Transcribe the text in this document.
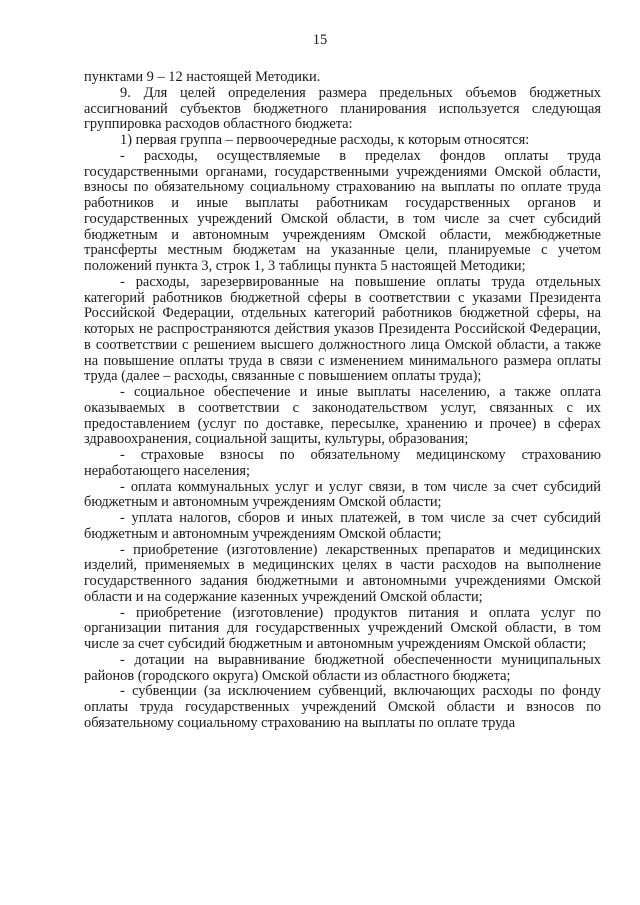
15

пунктами 9 – 12 настоящей Методики.

9. Для целей определения размера предельных объемов бюджетных ассигнований субъектов бюджетного планирования используется следующая группировка расходов областного бюджета:

1) первая группа – первоочередные расходы, к которым относятся:

- расходы, осуществляемые в пределах фондов оплаты труда государственными органами, государственными учреждениями Омской области, взносы по обязательному социальному страхованию на выплаты по оплате труда работников и иные выплаты работникам государственных органов и государственных учреждений Омской области, в том числе за счет субсидий бюджетным и автономным учреждениям Омской области, межбюджетные трансферты местным бюджетам на указанные цели, планируемые с учетом положений пункта 3, строк 1, 3 таблицы пункта 5 настоящей Методики;

- расходы, зарезервированные на повышение оплаты труда отдельных категорий работников бюджетной сферы в соответствии с указами Президента Российской Федерации, отдельных категорий работников бюджетной сферы, на которых не распространяются действия указов Президента Российской Федерации, в соответствии с решением высшего должностного лица Омской области, а также на повышение оплаты труда в связи с изменением минимального размера оплаты труда (далее – расходы, связанные с повышением оплаты труда);

- социальное обеспечение и иные выплаты населению, а также оплата оказываемых в соответствии с законодательством услуг, связанных с их предоставлением (услуг по доставке, пересылке, хранению и прочее) в сферах здравоохранения, социальной защиты, культуры, образования;

- страховые взносы по обязательному медицинскому страхованию неработающего населения;

- оплата коммунальных услуг и услуг связи, в том числе за счет субсидий бюджетным и автономным учреждениям Омской области;

- уплата налогов, сборов и иных платежей, в том числе за счет субсидий бюджетным и автономным учреждениям Омской области;

- приобретение (изготовление) лекарственных препаратов и медицинских изделий, применяемых в медицинских целях в части расходов на выполнение государственного задания бюджетными и автономными учреждениями Омской области и на содержание казенных учреждений Омской области;

- приобретение (изготовление) продуктов питания и оплата услуг по организации питания для государственных учреждений Омской области, в том числе за счет субсидий бюджетным и автономным учреждениям Омской области;

- дотации на выравнивание бюджетной обеспеченности муниципальных районов (городского округа) Омской области из областного бюджета;

- субвенции (за исключением субвенций, включающих расходы по фонду оплаты труда государственных учреждений Омской области и взносов по обязательному социальному страхованию на выплаты по оплате труда
